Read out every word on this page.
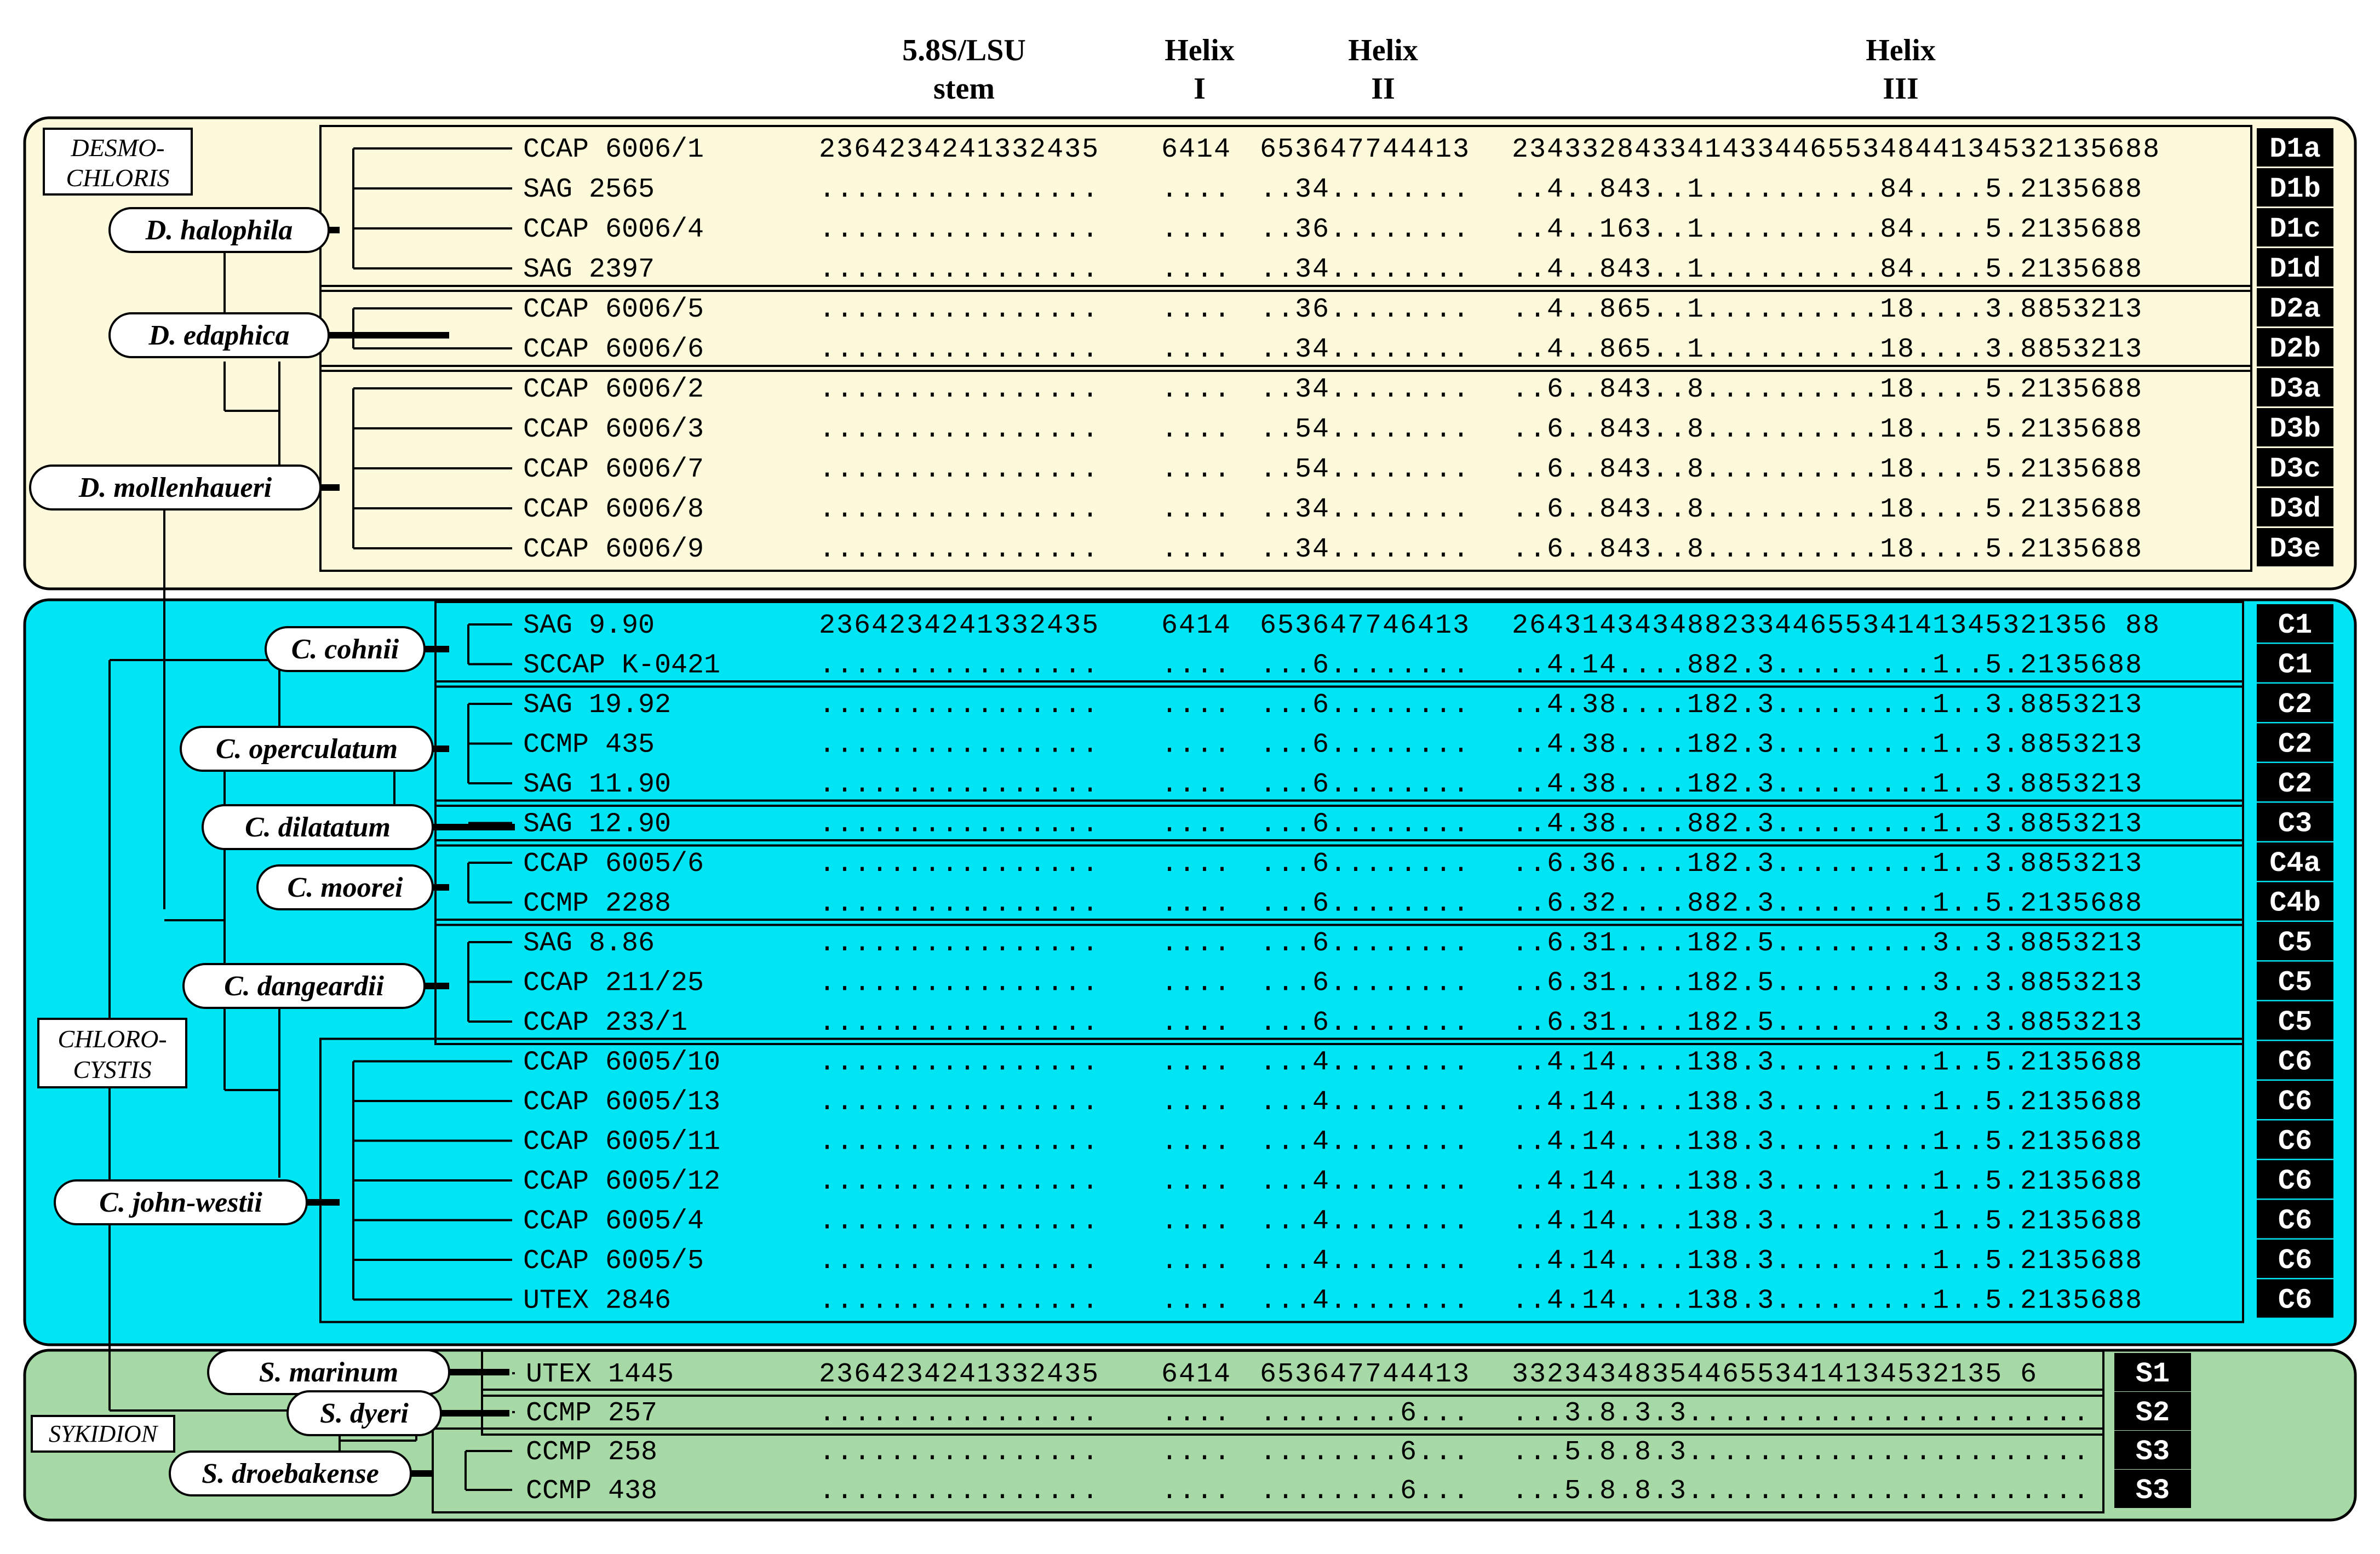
5.8S/LSU
stem
Helix
I
Helix
II
Helix
III
DESMO-
CHLORIS
CHLORO-
CYSTIS
SYKIDION
CCAP 6006/1	2364234241332435 6414 653647744413 2343328433414334465534844134532135688	D1a
SAG 2565	................ .... ..34........ ..4..843..1..........84....5.2135688	D1b
CCAP 6006/4	................ .... ..36........ ..4..163..1..........84....5.2135688	D1c
SAG 2397	................ .... ..34........ ..4..843..1..........84....5.2135688	D1d
CCAP 6006/5	................ .... ..36........ ..4..865..1..........18....3.8853213	D2a
CCAP 6006/6	................ .... ..34........ ..4..865..1..........18....3.8853213	D2b
CCAP 6006/2	................ .... ..34........ ..6..843..8..........18....5.2135688	D3a
CCAP 6006/3	................ .... ..54........ ..6..843..8..........18....5.2135688	D3b
CCAP 6006/7	................ .... ..54........ ..6..843..8..........18....5.2135688	D3c
CCAP 6006/8	................ .... ..34........ ..6..843..8..........18....5.2135688	D3d
CCAP 6006/9	................ .... ..34........ ..6..843..8..........18....5.2135688	D3e
SAG 9.90	2364234241332435 6414 653647746413 2643143434882334465534141345321356 88	C1
SCCAP K-0421	................ .... ...6........ ..4.14....882.3.........1..5.2135688	C1
SAG 19.92	................ .... ...6........ ..4.38....182.3.........1..3.8853213	C2
CCMP 435	................ .... ...6........ ..4.38....182.3.........1..3.8853213	C2
SAG 11.90	................ .... ...6........ ..4.38....182.3.........1..3.8853213	C2
SAG 12.90	................ .... ...6........ ..4.38....882.3.........1..3.8853213	C3
CCAP 6005/6	................ .... ...6........ ..6.36....182.3.........1..3.8853213	C4a
CCMP 2288	................ .... ...6........ ..6.32....882.3.........1..5.2135688	C4b
SAG 8.86	................ .... ...6........ ..6.31....182.5.........3..3.8853213	C5
CCAP 211/25	................ .... ...6........ ..6.31....182.5.........3..3.8853213	C5
CCAP 233/1	................ .... ...6........ ..6.31....182.5.........3..3.8853213	C5
CCAP 6005/10	................ .... ...4........ ..4.14....138.3.........1..5.2135688	C6
CCAP 6005/13	................ .... ...4........ ..4.14....138.3.........1..5.2135688	C6
CCAP 6005/11	................ .... ...4........ ..4.14....138.3.........1..5.2135688	C6
CCAP 6005/12	................ .... ...4........ ..4.14....138.3.........1..5.2135688	C6
CCAP 6005/4	................ .... ...4........ ..4.14....138.3.........1..5.2135688	C6
CCAP 6005/5	................ .... ...4........ ..4.14....138.3.........1..5.2135688	C6
UTEX 2846	................ .... ...4........ ..4.14....138.3.........1..5.2135688	C6
UTEX 1445	2364234241332435 6414 653647744413 3323434835446553414134532135 6	S1
CCMP 257	................ .... ........6... ...3.8.3.3....................... S2
CCMP 258	................ .... ........6... ...5.8.8.3....................... S3
CCMP 438	................ .... ........6... ...5.8.8.3....................... S3
D. halophila
D. edaphica
D. mollenhaueri
C. cohnii
C. operculatum
C. dilatatum
C. moorei
C. dangeardii
C. john-westii
S. marinum
S. dyeri
S. droebakense
